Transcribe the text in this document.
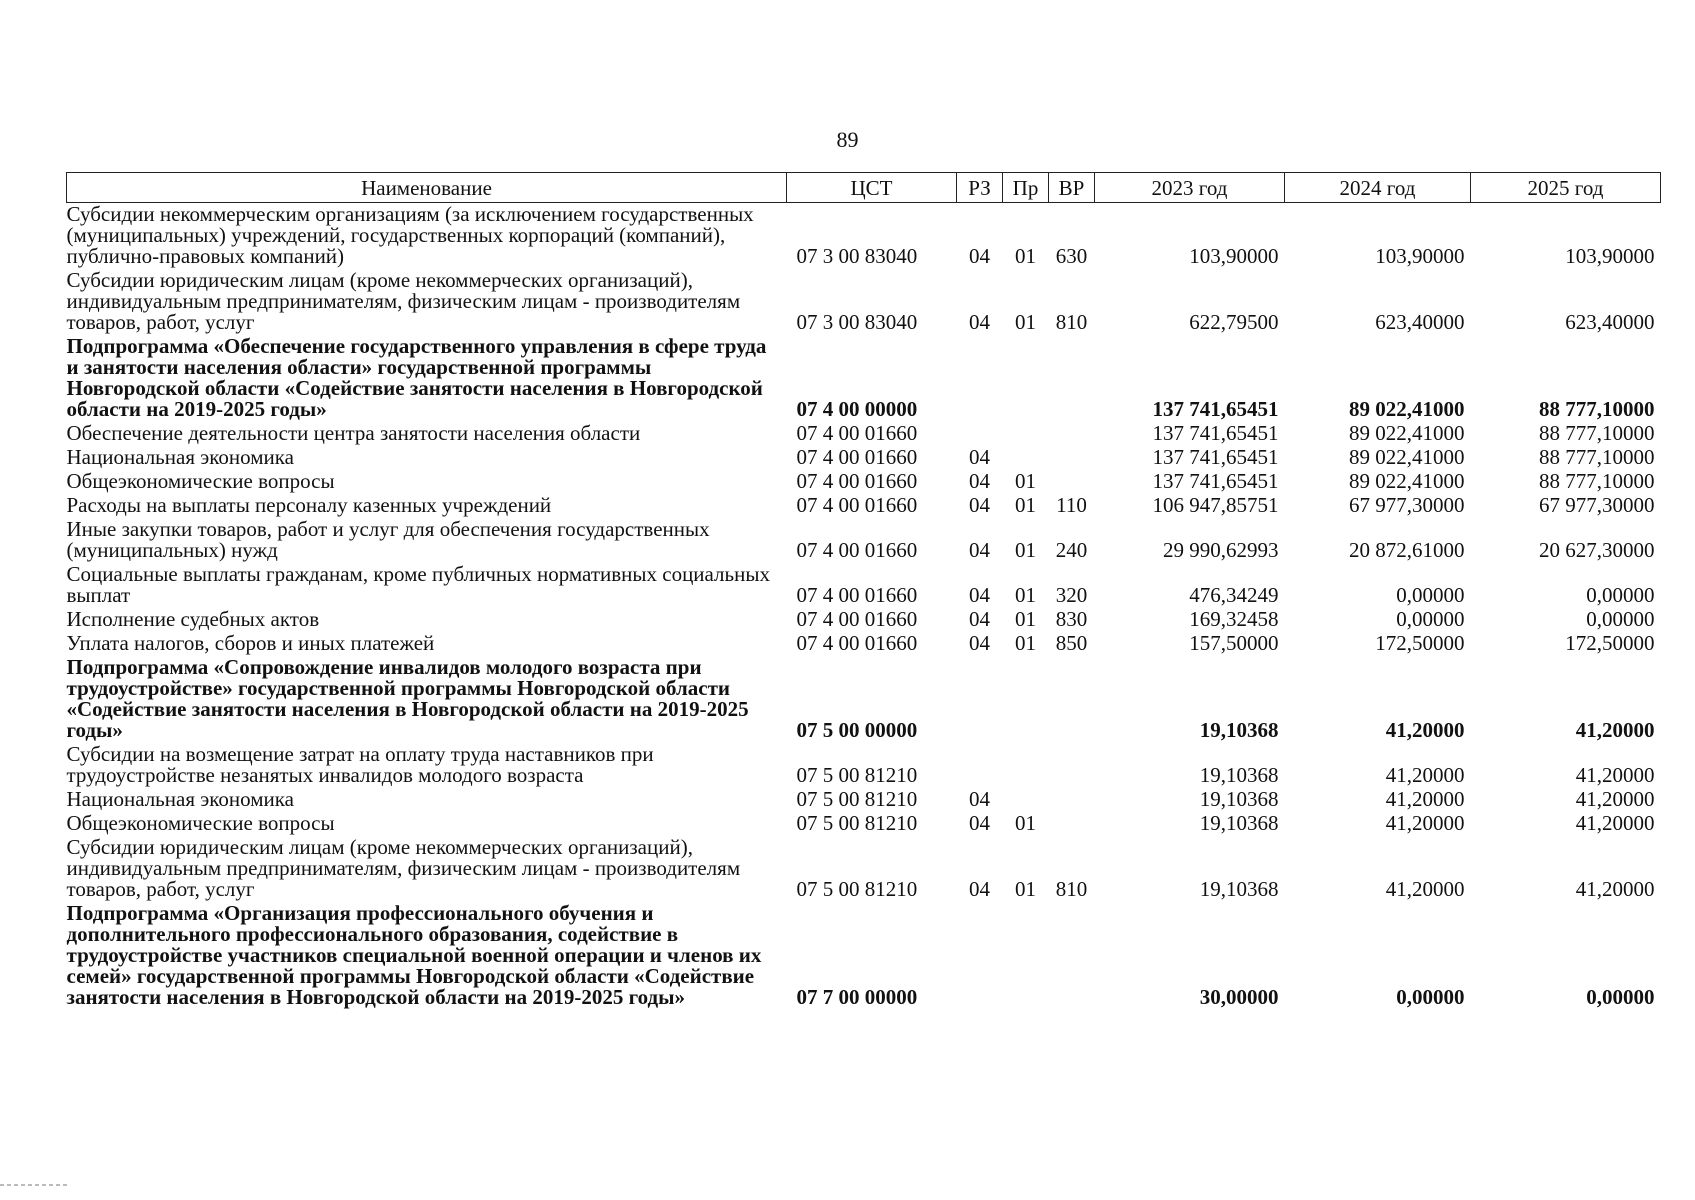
89
Наименование	ЦСТ	РЗ	Пр	ВР	2023 год	2024 год	2025 год
Субсидии некоммерческим организациям (за исключением государственных (муниципальных) учреждений, государственных корпораций (компаний), публично-правовых компаний)	07 3 00 83040	04	01	630	103,90000	103,90000	103,90000
Субсидии юридическим лицам (кроме некоммерческих организаций), индивидуальным предпринимателям, физическим лицам - производителям товаров, работ, услуг	07 3 00 83040	04	01	810	622,79500	623,40000	623,40000
Подпрограмма «Обеспечение государственного управления в сфере труда и занятости населения области» государственной программы Новгородской области «Содействие занятости населения в Новгородской области на 2019-2025 годы»	07 4 00 00000				137 741,65451	89 022,41000	88 777,10000
Обеспечение деятельности центра занятости населения области	07 4 00 01660				137 741,65451	89 022,41000	88 777,10000
Национальная экономика	07 4 00 01660	04			137 741,65451	89 022,41000	88 777,10000
Общеэкономические вопросы	07 4 00 01660	04	01		137 741,65451	89 022,41000	88 777,10000
Расходы на выплаты персоналу казенных учреждений	07 4 00 01660	04	01	110	106 947,85751	67 977,30000	67 977,30000
Иные закупки товаров, работ и услуг для обеспечения государственных (муниципальных) нужд	07 4 00 01660	04	01	240	29 990,62993	20 872,61000	20 627,30000
Социальные выплаты гражданам, кроме публичных нормативных социальных выплат	07 4 00 01660	04	01	320	476,34249	0,00000	0,00000
Исполнение судебных актов	07 4 00 01660	04	01	830	169,32458	0,00000	0,00000
Уплата налогов, сборов и иных платежей	07 4 00 01660	04	01	850	157,50000	172,50000	172,50000
Подпрограмма «Сопровождение инвалидов молодого возраста при трудоустройстве» государственной программы Новгородской области «Содействие занятости населения в Новгородской области на 2019-2025 годы»	07 5 00 00000				19,10368	41,20000	41,20000
Субсидии на возмещение затрат на оплату труда наставников при трудоустройстве незанятых инвалидов молодого возраста	07 5 00 81210				19,10368	41,20000	41,20000
Национальная экономика	07 5 00 81210	04			19,10368	41,20000	41,20000
Общеэкономические вопросы	07 5 00 81210	04	01		19,10368	41,20000	41,20000
Субсидии юридическим лицам (кроме некоммерческих организаций), индивидуальным предпринимателям, физическим лицам - производителям товаров, работ, услуг	07 5 00 81210	04	01	810	19,10368	41,20000	41,20000
Подпрограмма «Организация профессионального обучения и дополнительного профессионального образования, содействие в трудоустройстве участников специальной военной операции и членов их семей» государственной программы Новгородской области «Содействие занятости населения в Новгородской области на 2019-2025 годы»	07 7 00 00000				30,00000	0,00000	0,00000
